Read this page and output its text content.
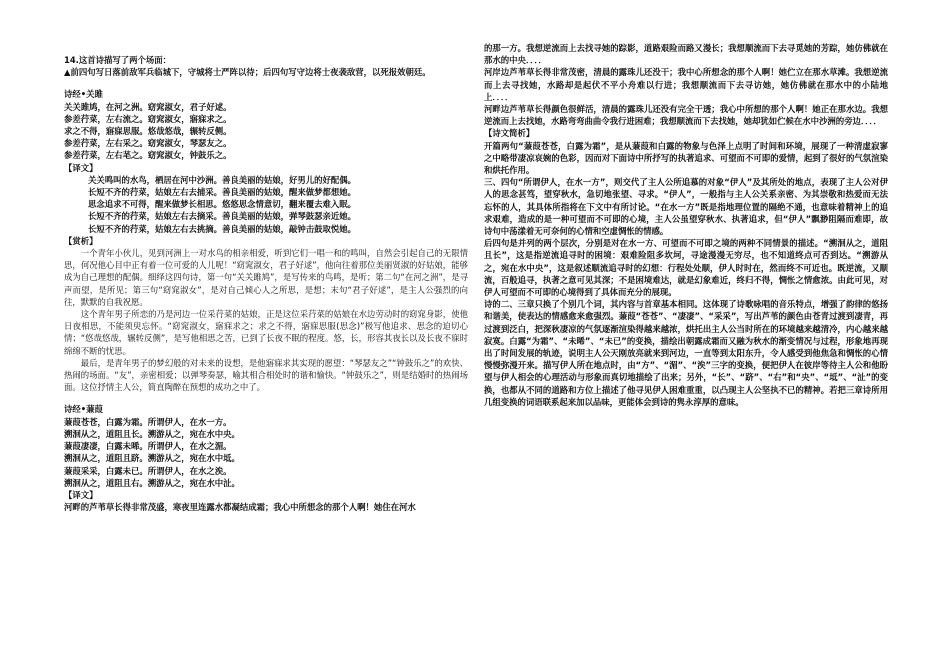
14.这首诗描写了两个场面：

▲前四句写日落前敌军兵临城下，守城将士严阵以待；后四句写守边将士夜袭敌营，以死报效朝廷。

诗经•关雎

关关雎鸠，在河之洲。窈窕淑女，君子好逑。

参差荇菜，左右流之。窈窕淑女，寤寐求之。

求之不得，寤寐思服。悠哉悠哉，辗转反侧。

参差荇菜，左右采之。窈窕淑女，琴瑟友之。

参差荇菜，左右芼之。窈窕淑女，钟鼓乐之。

【译文】

关关鸣叫的水鸟，栖居在河中沙洲。善良美丽的姑娘，好男儿的好配偶。

长短不齐的荇菜，姑娘左右去捕采。善良美丽的姑娘，醒来做梦都想她。

思念追求不可得，醒来做梦长相思。悠悠思念情意切，翻来覆去难入眠。

长短不齐的荇菜，姑娘左右去摘采。善良美丽的姑娘，弹琴鼓瑟亲近她。

长短不齐的荇菜，姑娘左右去挑摘。善良美丽的姑娘，敲钟击鼓取悦她。

【赏析】

一个青年小伙儿，见到河洲上一对水鸟的相亲相爱，听到它们一唱一和的鸣叫，自然会引起自己的无限情思，何况他心目中正有着一位可爱的人儿呢！“窈窕淑女，君子好逑”，他向往着那位美丽贤淑的好姑娘，能够成为自己理想的配偶。细绎这四句诗，第一句“关关雎鸠”，是写传来的鸟鸣，是听；第二句“在河之洲”，是寻声而望，是所见；第三句“窈窕淑女”，是对自己倾心人之所思，是想；末句“君子好逑”，是主人公强烈的向往，默默的自我祝愿。

这个青年男子所恋的乃是河边一位采荇菜的姑娘，正是这位采荇菜的姑娘在水边劳动时的窈窕身影，使他日夜相思，不能须臾忘怀。“窈窕淑女，寤寐求之；求之不得，寤寐思服(思念)”极写他追求、思念的迫切心情；“悠哉悠哉，辗转反侧”，是写他相思之苦，已到了长夜不眠的程度。悠，长，形容其夜长以及长夜不寐时绵绵不断的忧思。

最后，是青年男子的梦幻般的对未来的设想，是他寤寐求其实现的愿望：“琴瑟友之”“钟鼓乐之”的欢快、热闹的场面。“友”，亲密相爱；以弹琴奏瑟，喻其相合相处时的谐和愉快。“钟鼓乐之”，则是结婚时的热闹场面。这位抒情主人公，简直陶醉在预想的成功之中了。

诗经•蒹葭

蒹葭苍苍，白露为霜。所谓伊人，在水一方。

溯洄从之，道阻且长。溯游从之，宛在水中央。

蒹葭凄凄，白露未晞。所谓伊人，在水之湄。

溯洄从之，道阻且跻。溯游从之，宛在水中坻。

蒹葭采采，白露未已。所谓伊人，在水之涘。

溯洄从之，道阻且右。溯游从之，宛在水中沚。

【译文】

河畔的芦苇草长得非常茂盛，寒夜里连露水都凝结成霜；我心中所想念的那个人啊！她住在河水

的那一方。我想逆流而上去找寻她的踪影，道路艰险而路又漫长；我想顺流而下去寻觅她的芳踪，她仿佛就在那水的中央．．．．

河岸边芦苇草长得非常茂密，清晨的露珠儿还没干；我中心所想念的那个人啊！她伫立在那水草滩。我想逆流而上去寻找她，水路却是起伏不平小舟难以行进；我想顺流而下去寻访她，她仿佛就在那水中的小陆地上．．．．

河畔边芦苇草长得颜色很鲜活，清晨的露珠儿还没有完全干透；我心中所想的那个人啊！她正在那水边。我想逆流而上去找她，水路弯弯曲曲令我行进困难；我想顺流而下去找她，她却犹如伫候在水中沙洲的旁边．．．．

【诗文简析】

开篇两句“蒹葭苍苍，白露为霜”，是从蒹葭和白露的物象与色泽上点明了时间和环境，展现了一种清虚寂寥之中略带凄凉哀婉的色彩，因而对下面诗中所抒写的执著追求、可望而不可即的爱情，起到了很好的气氛渲染和烘托作用。

三、四句“所谓伊人，在水一方”，则交代了主人公所追慕的对象“伊人”及其所处的地点，表现了主人公对伊人的思念甚笃，望穿秋水，急切地张望、寻求。“伊人”，一般指与主人公关系亲密、为其崇敬和热爱而无法忘怀的人，其具体所指将在下文中有所讨论。“在水一方”既是指地理位置的隔绝不通，也意味着精神上的追求艰难，造成的是一种可望而不可即的心境，主人公虽望穿秋水、执著追求，但“伊人”飘渺阻隔而难即，故诗句中荡漾着无可奈何的心情和空虚惆怅的情感。

后四句是并列的两个层次，分别是对在水一方、可望而不可即之境的两种不同情景的描述。“溯洄从之，道阻且长”，这是指逆流追寻时的困境：艰难险阻多坎坷，寻途漫漫无穷尽，也不知道终点可否到达。“溯游从之，宛在水中央”，这是叙述顺流追寻时的幻想：行程处处顺，伊人时时在，然而终不可近也。既逆流，又顺流，百般追寻，执著之意可见其深；不是困境难达，就是幻象难近，终归不得，惆怅之情愈浓。由此可见，对伊人可望而不可即的心境得到了具体而充分的展现。

诗的二、三章只换了个别几个词，其内容与首章基本相同。这体现了诗歌咏唱的音乐特点，增强了韵律的悠扬和谐美，使表达的情感愈来愈强烈。蒹葭“苍苍”、“凄凄”、“采采”，写出芦苇的颜色由苍青过渡到凄青，再过渡到泛白，把深秋凄凉的气氛逐渐渲染得越来越浓，烘托出主人公当时所在的环境越来越清冷，内心越来越寂寞。白露“为霜”、“未晞”、“未已”的变换，描绘出朝露成霜而又融为秋水的渐变情况与过程，形象地再现出了时间发展的轨迹，说明主人公天刚放亮就来到河边，一直等到太阳东升，令人感受到他焦急和惆怅的心情慢慢弥漫开来。描写伊人所在地点时，由“方”、“湄”、“涘”三字的变换，便把伊人在彼岸等待主人公和他盼望与伊人相会的心理活动与形象而真切地描绘了出来；另外，“长”、“跻”、“右”和“央”、“坻”、“沚”的变换，也都从不同的道路和方位上描述了他寻见伊人困难重重，以凸现主人公坚执不已的精神。若把三章诗所用几组变换的词语联系起来加以品味，更能体会到诗的隽永淳厚的意味。
